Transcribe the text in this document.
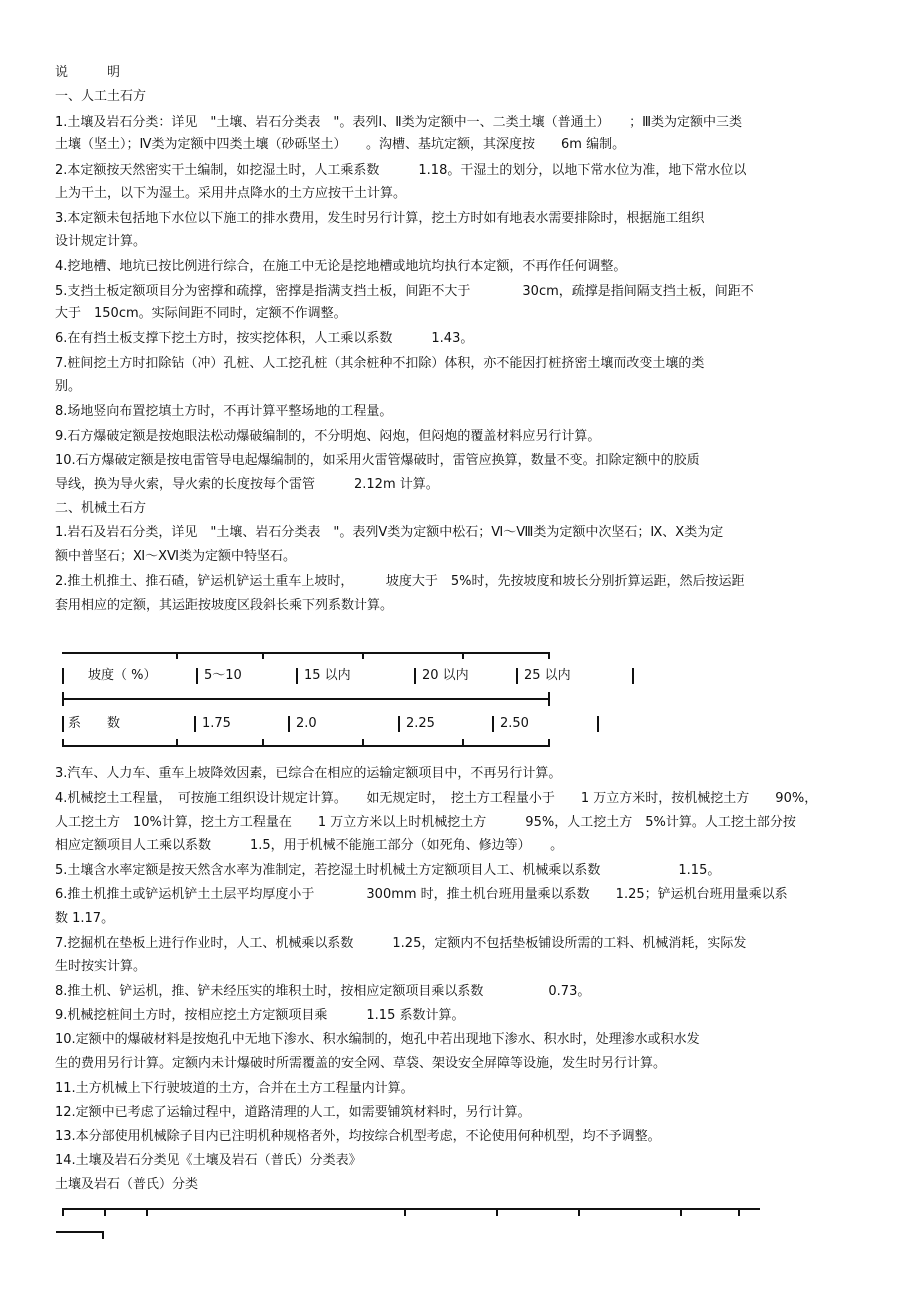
说　　　明
一、人工土石方
1.土壤及岩石分类：详见　"土壤、岩石分类表　"。表列Ⅰ、Ⅱ类为定额中一、二类土壤（普通土）　　；Ⅲ类为定额中三类
土壤（坚土）；Ⅳ类为定额中四类土壤（砂砾坚土）　　。沟槽、基坑定额，其深度按　　6m 编制。
2.本定额按天然密实干土编制，如挖湿土时，人工乘系数　　　1.18。干湿土的划分，以地下常水位为准，地下常水位以
上为干土，以下为湿土。采用井点降水的土方应按干土计算。
3.本定额未包括地下水位以下施工的排水费用，发生时另行计算，挖土方时如有地表水需要排除时，根据施工组织
设计规定计算。
4.挖地槽、地坑已按比例进行综合，在施工中无论是挖地槽或地坑均执行本定额，不再作任何调整。
5.支挡土板定额项目分为密撑和疏撑，密撑是指满支挡土板，间距不大于　　　　30cm，疏撑是指间隔支挡土板，间距不
大于　150cm。实际间距不同时，定额不作调整。
6.在有挡土板支撑下挖土方时，按实挖体积，人工乘以系数　　　1.43。
7.桩间挖土方时扣除钻（冲）孔桩、人工挖孔桩（其余桩种不扣除）体积，亦不能因打桩挤密土壤而改变土壤的类
别。
8.场地竖向布置挖填土方时，不再计算平整场地的工程量。
9.石方爆破定额是按炮眼法松动爆破编制的，不分明炮、闷炮，但闷炮的覆盖材料应另行计算。
10.石方爆破定额是按电雷管导电起爆编制的，如采用火雷管爆破时，雷管应换算，数量不变。扣除定额中的胶质
导线，换为导火索，导火索的长度按每个雷管　　　2.12m 计算。
二、机械土石方
1.岩石及岩石分类，详见　"土壤、岩石分类表　"。表列Ⅴ类为定额中松石；Ⅵ～Ⅷ类为定额中次坚石；Ⅸ、Ⅹ类为定
额中普坚石；Ⅺ～ⅩⅥ类为定额中特坚石。
2.推土机推土、推石碴，铲运机铲运土重车上坡时，　　　坡度大于　5%时，先按坡度和坡长分别折算运距，然后按运距
套用相应的定额，其运距按坡度区段斜长乘下列系数计算。
坡度（ %）	5～10	15 以内	20 以内	25 以内
系　　数	1.75	2.0	2.25	2.50
3.汽车、人力车、重车上坡降效因素，已综合在相应的运输定额项目中，不再另行计算。
4.机械挖土工程量，　可按施工组织设计规定计算。　　如无规定时，　挖土方工程量小于　　1 万立方米时，按机械挖土方　　90%，
人工挖土方　10%计算，挖土方工程量在　　1 万立方米以上时机械挖土方　　　95%，人工挖土方　5%计算。人工挖土部分按
相应定额项目人工乘以系数　　　1.5，用于机械不能施工部分（如死角、修边等）　　。
5.土壤含水率定额是按天然含水率为准制定，若挖湿土时机械土方定额项目人工、机械乘以系数　　　　　　1.15。
6.推土机推土或铲运机铲土土层平均厚度小于　　　　300mm 时，推土机台班用量乘以系数　　1.25；铲运机台班用量乘以系
数 1.17。
7.挖掘机在垫板上进行作业时，人工、机械乘以系数　　　1.25，定额内不包括垫板铺设所需的工料、机械消耗，实际发
生时按实计算。
8.推土机、铲运机，推、铲未经压实的堆积土时，按相应定额项目乘以系数　　　　　0.73。
9.机械挖桩间土方时，按相应挖土方定额项目乘　　　1.15 系数计算。
10.定额中的爆破材料是按炮孔中无地下渗水、积水编制的，炮孔中若出现地下渗水、积水时，处理渗水或积水发
生的费用另行计算。定额内未计爆破时所需覆盖的安全网、草袋、架设安全屏障等设施，发生时另行计算。
11.土方机械上下行驶坡道的土方，合并在土方工程量内计算。
12.定额中已考虑了运输过程中，道路清理的人工，如需要铺筑材料时，另行计算。
13.本分部使用机械除子目内已注明机种规格者外，均按综合机型考虑，不论使用何种机型，均不予调整。
14.土壤及岩石分类见《土壤及岩石（普氏）分类表》
土壤及岩石（普氏）分类
